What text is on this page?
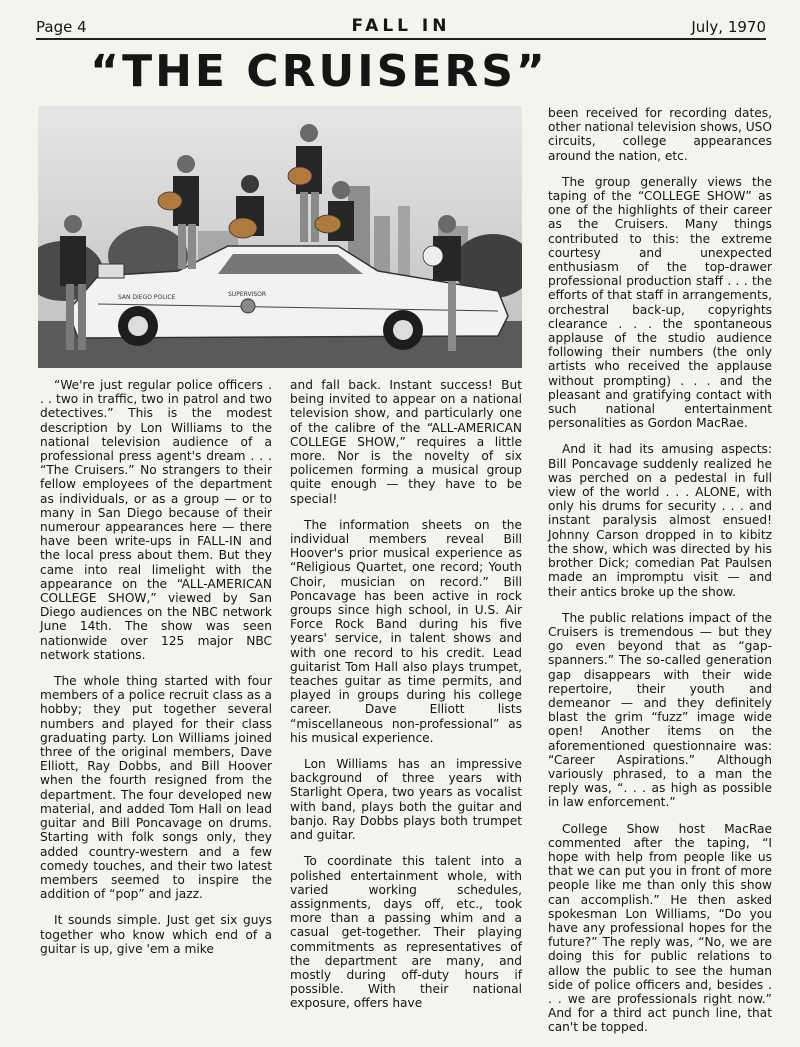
Page 4	FALL IN	July, 1970
“THE CRUISERS”
SAN DIEGO POLICE	SUPERVISOR

“We're just regular police officers . . . two in traffic, two in patrol and two detectives.” This is the modest description by Lon Williams to the national television audience of a professional press agent's dream . . . “The Cruisers.” No strangers to their fellow employees of the department as individuals, or as a group — or to many in San Diego because of their numerour appearances here — there have been write-ups in FALL-IN and the local press about them. But they came into real limelight with the appearance on the “ALL-AMERICAN COLLEGE SHOW,” viewed by San Diego audiences on the NBC network June 14th. The show was seen nationwide over 125 major NBC network stations.

The whole thing started with four members of a police recruit class as a hobby; they put together several numbers and played for their class graduating party. Lon Williams joined three of the original members, Dave Elliott, Ray Dobbs, and Bill Hoover when the fourth resigned from the department. The four developed new material, and added Tom Hall on lead guitar and Bill Poncavage on drums. Starting with folk songs only, they added country-western and a few comedy touches, and their two latest members seemed to inspire the addition of “pop” and jazz.

It sounds simple. Just get six guys together who know which end of a guitar is up, give 'em a mike

and fall back. Instant success! But being invited to appear on a national television show, and particularly one of the calibre of the “ALL-AMERICAN COLLEGE SHOW,” requires a little more. Nor is the novelty of six policemen forming a musical group quite enough — they have to be special!

The information sheets on the individual members reveal Bill Hoover's prior musical experience as “Religious Quartet, one record; Youth Choir, musician on record.” Bill Poncavage has been active in rock groups since high school, in U.S. Air Force Rock Band during his five years' service, in talent shows and with one record to his credit. Lead guitarist Tom Hall also plays trumpet, teaches guitar as time permits, and played in groups during his college career. Dave Elliott lists “miscellaneous non-professional” as his musical experience.

Lon Williams has an impressive background of three years with Starlight Opera, two years as vocalist with band, plays both the guitar and banjo. Ray Dobbs plays both trumpet and guitar.

To coordinate this talent into a polished entertainment whole, with varied working schedules, assignments, days off, etc., took more than a passing whim and a casual get-together. Their playing commitments as representatives of the department are many, and mostly during off-duty hours if possible. With their national exposure, offers have

been received for recording dates, other national television shows, USO circuits, college appearances around the nation, etc.

The group generally views the taping of the “COLLEGE SHOW” as one of the highlights of their career as the Cruisers. Many things contributed to this: the extreme courtesy and unexpected enthusiasm of the top-drawer professional production staff . . . the efforts of that staff in arrangements, orchestral back-up, copyrights clearance . . . the spontaneous applause of the studio audience following their numbers (the only artists who received the applause without prompting) . . . and the pleasant and gratifying contact with such national entertainment personalities as Gordon MacRae.

And it had its amusing aspects: Bill Poncavage suddenly realized he was perched on a pedestal in full view of the world . . . ALONE, with only his drums for security . . . and instant paralysis almost ensued! Johnny Carson dropped in to kibitz the show, which was directed by his brother Dick; comedian Pat Paulsen made an impromptu visit — and their antics broke up the show.

The public relations impact of the Cruisers is tremendous — but they go even beyond that as “gap-spanners.” The so-called generation gap disappears with their wide repertoire, their youth and demeanor — and they definitely blast the grim “fuzz” image wide open! Another items on the aforementioned questionnaire was: “Career Aspirations.” Although variously phrased, to a man the reply was, “. . . as high as possible in law enforcement.”

College Show host MacRae commented after the taping, “I hope with help from people like us that we can put you in front of more people like me than only this show can accomplish.” He then asked spokesman Lon Williams, “Do you have any professional hopes for the future?” The reply was, “No, we are doing this for public relations to allow the public to see the human side of police officers and, besides . . . we are professionals right now.” And for a third act punch line, that can't be topped.
